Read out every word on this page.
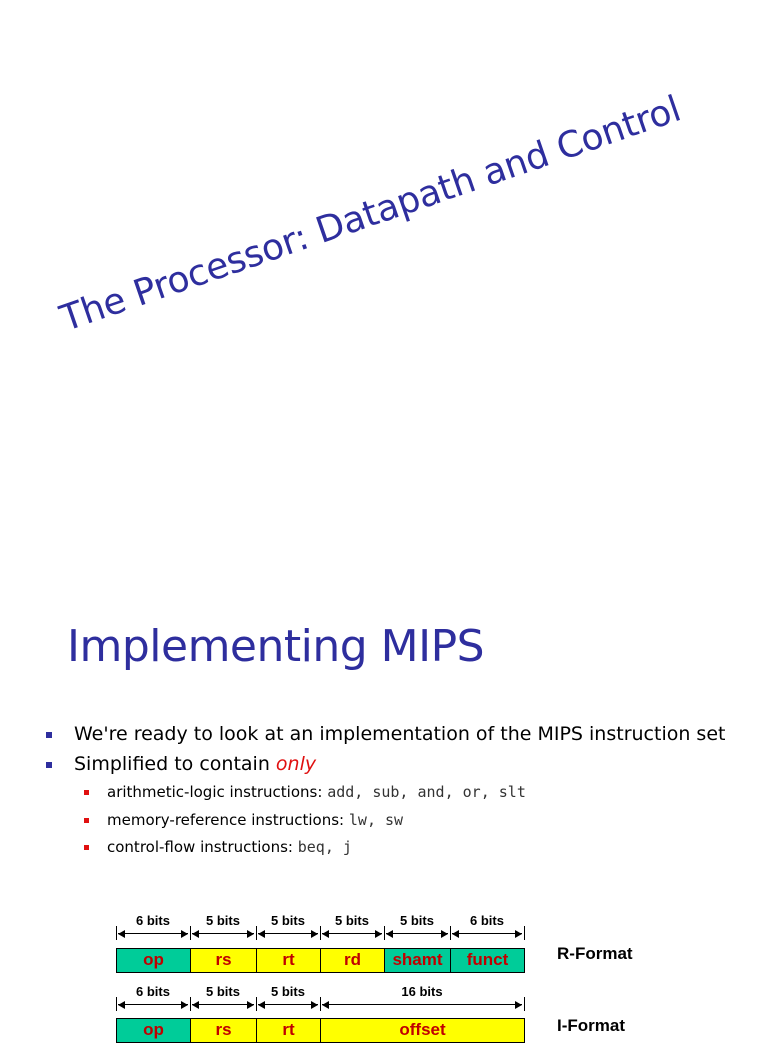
The Processor: Datapath and Control
Implementing MIPS
We're ready to look at an implementation of the MIPS instruction set
Simplified to contain only
arithmetic-logic instructions: add, sub, and, or, slt
memory-reference instructions: lw, sw
control-flow instructions: beq, j
6 bits	5 bits	5 bits	5 bits	5 bits	6 bits
op	rs	rt	rd	shamt	funct	R-Format
6 bits	5 bits	5 bits	16 bits
op	rs	rt	offset	I-Format
